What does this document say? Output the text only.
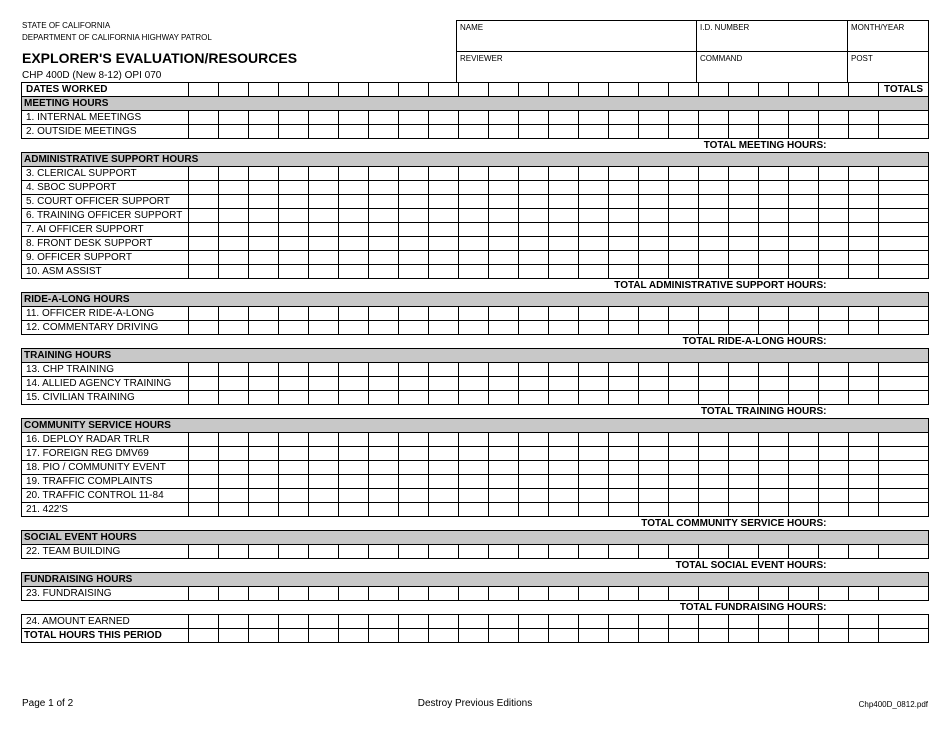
STATE OF CALIFORNIA
DEPARTMENT OF CALIFORNIA HIGHWAY PATROL
EXPLORER'S EVALUATION/RESOURCES
CHP 400D (New 8-12) OPI 070
NAME	I.D. NUMBER	MONTH/YEAR
REVIEWER	COMMAND	POST
DATES WORKED																								TOTALS
MEETING HOURS																								
1. INTERNAL MEETINGS																								
2. OUTSIDE MEETINGS																								
TOTAL MEETING HOURS:																								
ADMINISTRATIVE SUPPORT HOURS																								
3. CLERICAL SUPPORT																								
4. SBOC SUPPORT																								
5. COURT OFFICER SUPPORT																								
6. TRAINING OFFICER SUPPORT																								
7. AI OFFICER SUPPORT																								
8. FRONT DESK SUPPORT																								
9. OFFICER SUPPORT																								
10. ASM ASSIST																								
TOTAL ADMINISTRATIVE SUPPORT HOURS:																								
RIDE-A-LONG HOURS																								
11. OFFICER RIDE-A-LONG																								
12. COMMENTARY DRIVING																								
TOTAL RIDE-A-LONG HOURS:																								
TRAINING HOURS																								
13. CHP TRAINING																								
14. ALLIED AGENCY TRAINING																								
15. CIVILIAN TRAINING																								
TOTAL TRAINING HOURS:																								
COMMUNITY SERVICE HOURS																								
16. DEPLOY RADAR TRLR																								
17. FOREIGN REG DMV69																								
18. PIO / COMMUNITY EVENT																								
19. TRAFFIC COMPLAINTS																								
20. TRAFFIC CONTROL 11-84																								
21. 422'S																								
TOTAL COMMUNITY SERVICE HOURS:																								
SOCIAL EVENT HOURS																								
22. TEAM BUILDING																								
TOTAL SOCIAL EVENT HOURS:																								
FUNDRAISING HOURS																								
23. FUNDRAISING																								
TOTAL FUNDRAISING HOURS:																								
24. AMOUNT EARNED																								
TOTAL HOURS THIS PERIOD																								
Page 1 of 2	Destroy Previous Editions	Chp400D_0812.pdf
